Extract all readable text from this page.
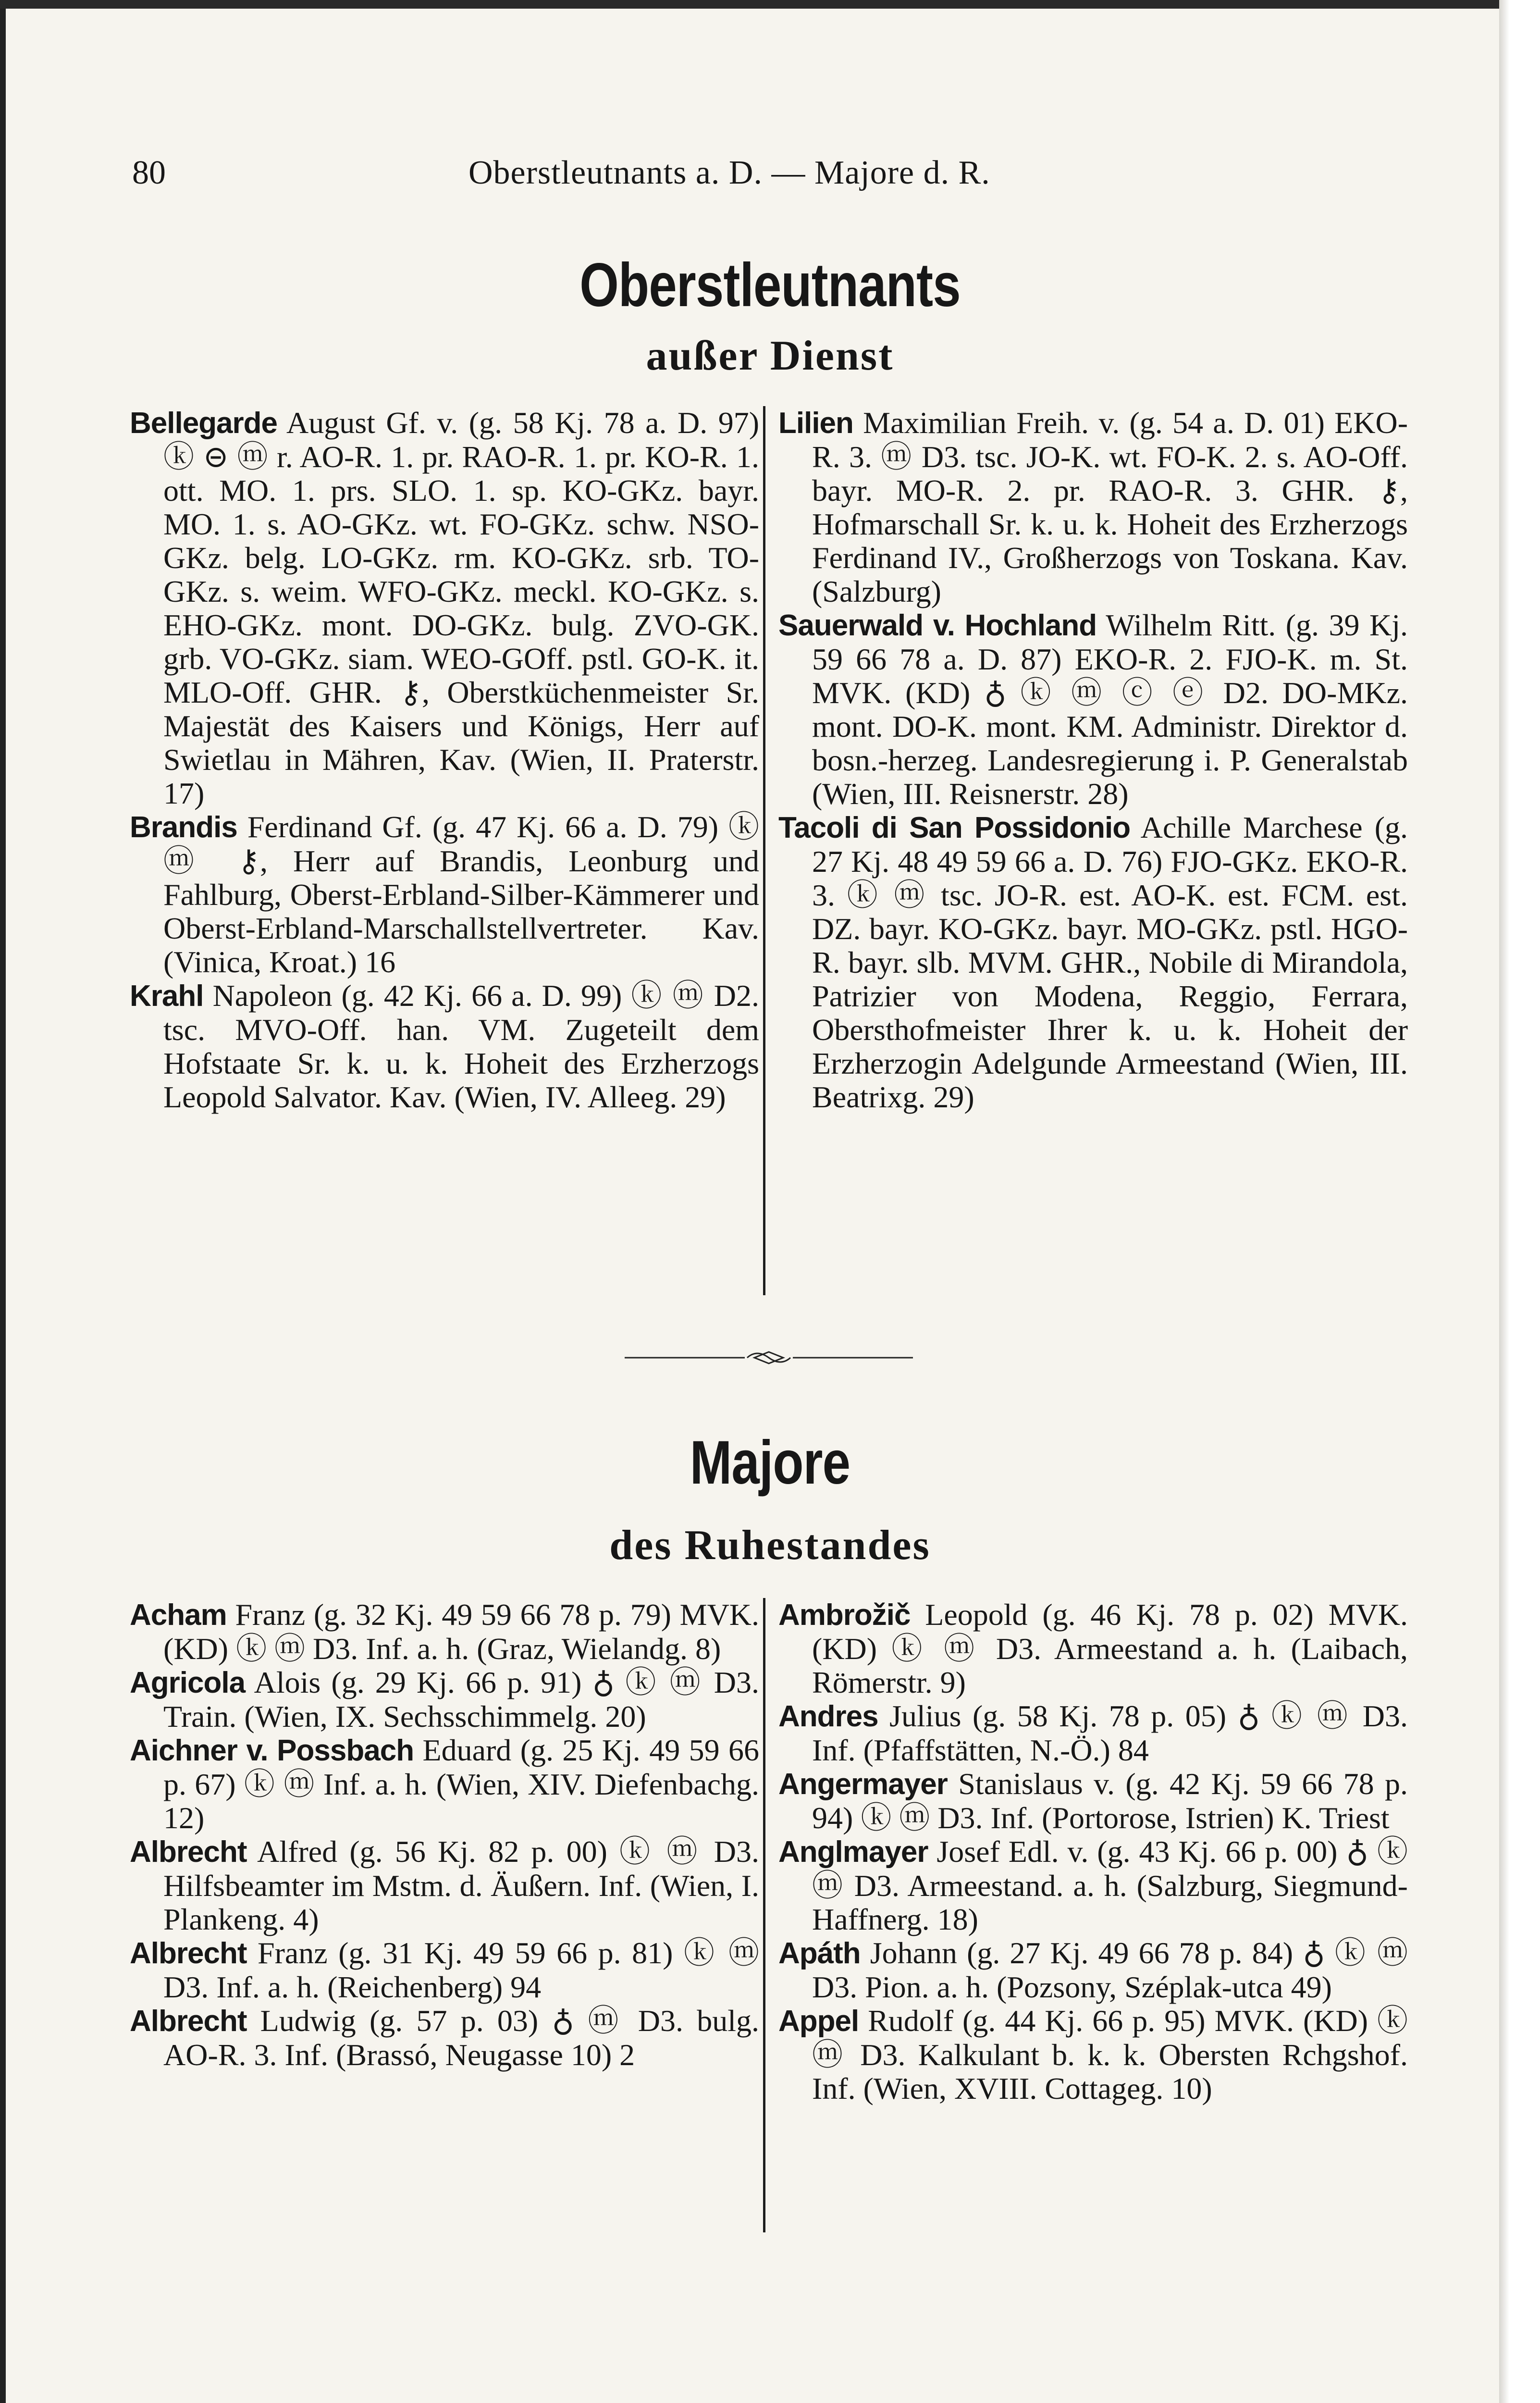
80	Oberstleutnants a. D. — Majore d. R.
Oberstleutnants
außer Dienst

Bellegarde August Gf. v. (g. 58 Kj. 78 a. D. 97) ⓚ ⊝ ⓜ r. AO-R. 1. pr. RAO-R. 1. pr. KO-R. 1. ott. MO. 1. prs. SLO. 1. sp. KO-GKz. bayr. MO. 1. s. AO-GKz. wt. FO-GKz. schw. NSO-GKz. belg. LO-GKz. rm. KO-GKz. srb. TO-GKz. s. weim. WFO-GKz. meckl. KO-GKz. s. EHO-GKz. mont. DO-GKz. bulg. ZVO-GK. grb. VO-GKz. siam. WEO-GOff. pstl. GO-K. it. MLO-Off. GHR. ⚷, Oberstküchenmeister Sr. Majestät des Kaisers und Königs, Herr auf Swietlau in Mähren, Kav. (Wien, II. Praterstr. 17)

Brandis Ferdinand Gf. (g. 47 Kj. 66 a. D. 79) ⓚ ⓜ ⚷, Herr auf Brandis, Leonburg und Fahlburg, Oberst-Erbland-Silber-Kämmerer und Oberst-Erbland-Marschallstellvertreter. Kav. (Vinica, Kroat.) 16

Krahl Napoleon (g. 42 Kj. 66 a. D. 99) ⓚ ⓜ D2. tsc. MVO-Off. han. VM. Zugeteilt dem Hofstaate Sr. k. u. k. Hoheit des Erzherzogs Leopold Salvator. Kav. (Wien, IV. Alleeg. 29)

Lilien Maximilian Freih. v. (g. 54 a. D. 01) EKO-R. 3. ⓜ D3. tsc. JO-K. wt. FO-K. 2. s. AO-Off. bayr. MO-R. 2. pr. RAO-R. 3. GHR. ⚷, Hofmarschall Sr. k. u. k. Hoheit des Erzherzogs Ferdinand IV., Großherzogs von Toskana. Kav. (Salzburg)

Sauerwald v. Hochland Wilhelm Ritt. (g. 39 Kj. 59 66 78 a. D. 87) EKO-R. 2. FJO-K. m. St. MVK. (KD) ♁ ⓚ ⓜ ⓒ ⓔ D2. DO-MKz. mont. DO-K. mont. KM. Administr. Direktor d. bosn.-herzeg. Landesregierung i. P. Generalstab (Wien, III. Reisnerstr. 28)

Tacoli di San Possidonio Achille Marchese (g. 27 Kj. 48 49 59 66 a. D. 76) FJO-GKz. EKO-R. 3. ⓚ ⓜ tsc. JO-R. est. AO-K. est. FCM. est. DZ. bayr. KO-GKz. bayr. MO-GKz. pstl. HGO-R. bayr. slb. MVM. GHR., Nobile di Mirandola, Patrizier von Modena, Reggio, Ferrara, Obersthofmeister Ihrer k. u. k. Hoheit der Erzherzogin Adelgunde Armeestand (Wien, III. Beatrixg. 29)

Majore
des Ruhestandes

Acham Franz (g. 32 Kj. 49 59 66 78 p. 79) MVK. (KD) ⓚ ⓜ D3. Inf. a. h. (Graz, Wielandg. 8)

Agricola Alois (g. 29 Kj. 66 p. 91) ♁ ⓚ ⓜ D3. Train. (Wien, IX. Sechsschimmelg. 20)

Aichner v. Possbach Eduard (g. 25 Kj. 49 59 66 p. 67) ⓚ ⓜ Inf. a. h. (Wien, XIV. Diefenbachg. 12)

Albrecht Alfred (g. 56 Kj. 82 p. 00) ⓚ ⓜ D3. Hilfsbeamter im Mstm. d. Äußern. Inf. (Wien, I. Plankeng. 4)

Albrecht Franz (g. 31 Kj. 49 59 66 p. 81) ⓚ ⓜ D3. Inf. a. h. (Reichenberg) 94

Albrecht Ludwig (g. 57 p. 03) ♁ ⓜ D3. bulg. AO-R. 3. Inf. (Brassó, Neugasse 10) 2

Ambrožič Leopold (g. 46 Kj. 78 p. 02) MVK. (KD) ⓚ ⓜ D3. Armeestand a. h. (Laibach, Römerstr. 9)

Andres Julius (g. 58 Kj. 78 p. 05) ♁ ⓚ ⓜ D3. Inf. (Pfaffstätten, N.-Ö.) 84

Angermayer Stanislaus v. (g. 42 Kj. 59 66 78 p. 94) ⓚ ⓜ D3. Inf. (Portorose, Istrien) K. Triest

Anglmayer Josef Edl. v. (g. 43 Kj. 66 p. 00) ♁ ⓚ ⓜ D3. Armeestand. a. h. (Salzburg, Siegmund-Haffnerg. 18)

Apáth Johann (g. 27 Kj. 49 66 78 p. 84) ♁ ⓚ ⓜ D3. Pion. a. h. (Pozsony, Széplak-utca 49)

Appel Rudolf (g. 44 Kj. 66 p. 95) MVK. (KD) ⓚ ⓜ D3. Kalkulant b. k. k. Obersten Rchgshof. Inf. (Wien, XVIII. Cottageg. 10)
